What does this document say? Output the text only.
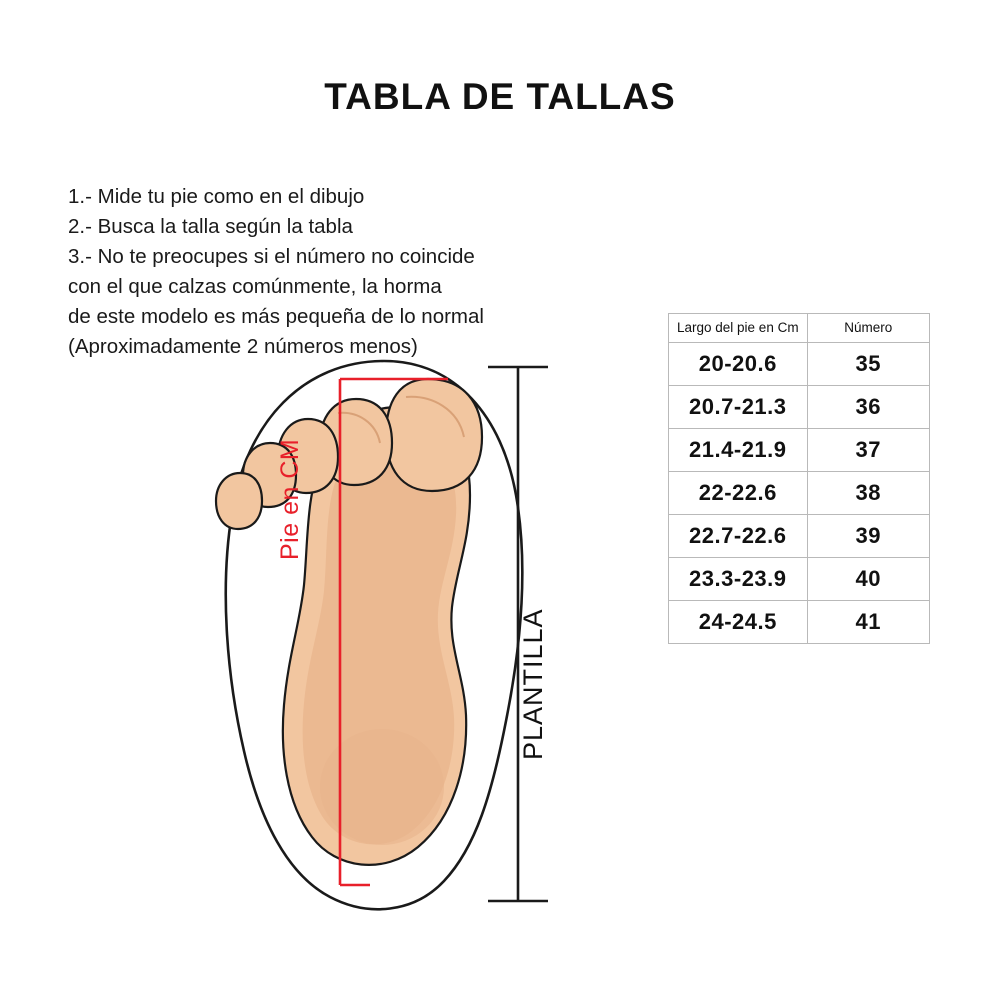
TABLA DE TALLAS
1.- Mide tu pie como en el dibujo
2.- Busca la talla según la tabla
3.- No te preocupes si el número no coincide
con el que calzas comúnmente, la horma
de este modelo es más pequeña de lo normal
(Aproximadamente 2 números menos)
Pie en CM
PLANTILLA
Largo del pie en Cm	Número
20-20.6	35
20.7-21.3	36
21.4-21.9	37
22-22.6	38
22.7-22.6	39
23.3-23.9	40
24-24.5	41
